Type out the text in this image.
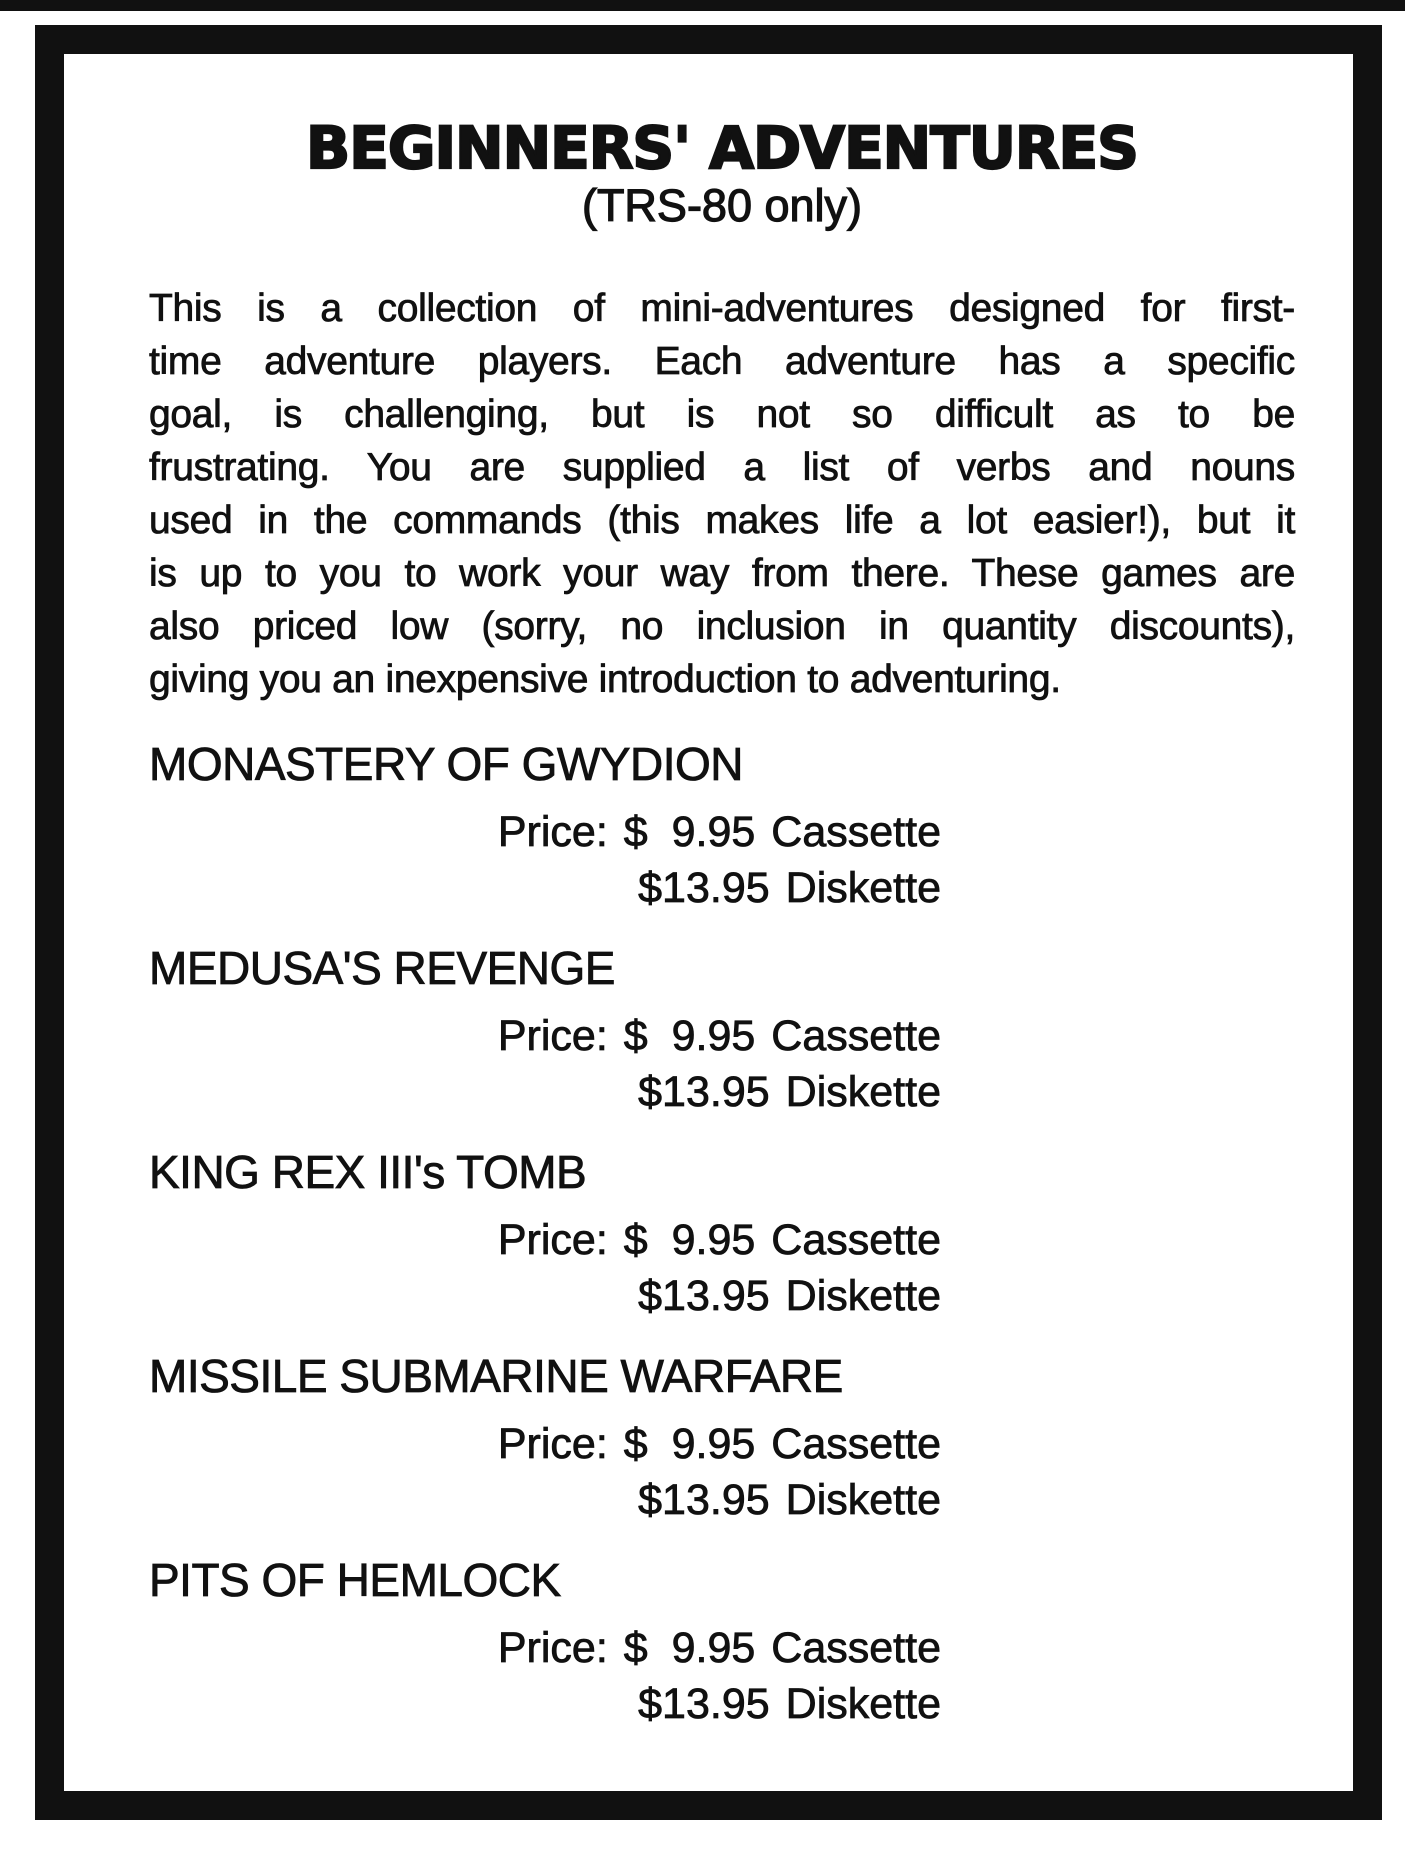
BEGINNERS' ADVENTURES
(TRS-80 only)
This is a collection of mini-adventures designed for first-
time adventure players. Each adventure has a specific
goal, is challenging, but is not so difficult as to be
frustrating. You are supplied a list of verbs and nouns
used in the commands (this makes life a lot easier!), but it
is up to you to work your way from there. These games are
also priced low (sorry, no inclusion in quantity discounts),
giving you an inexpensive introduction to adventuring.
MONASTERY OF GWYDION
Price: $  9.95 Cassette
$13.95 Diskette
MEDUSA'S REVENGE
Price: $  9.95 Cassette
$13.95 Diskette
KING REX III's TOMB
Price: $  9.95 Cassette
$13.95 Diskette
MISSILE SUBMARINE WARFARE
Price: $  9.95 Cassette
$13.95 Diskette
PITS OF HEMLOCK
Price: $  9.95 Cassette
$13.95 Diskette
